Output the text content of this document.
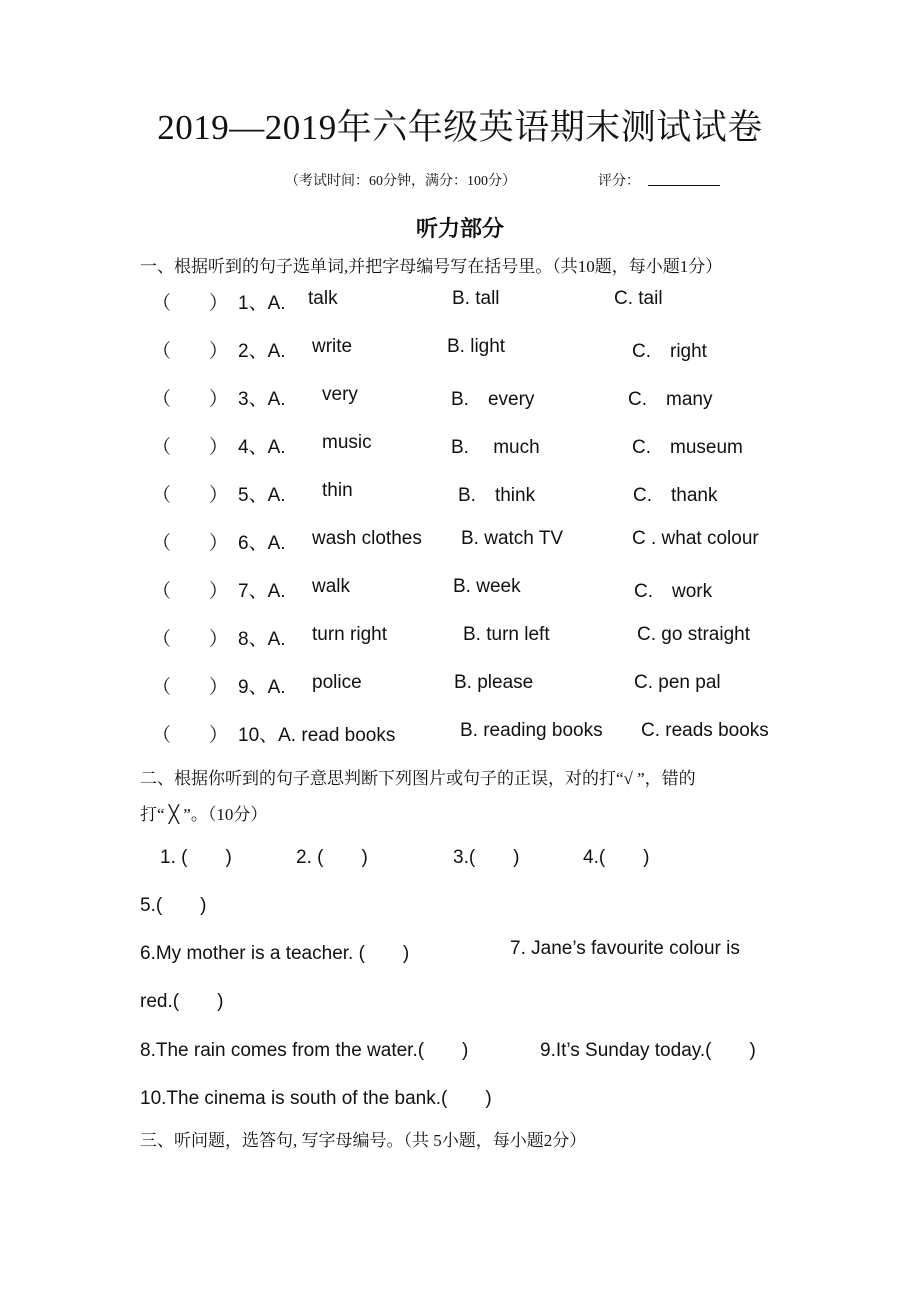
2019—2019年六年级英语期末测试试卷
（考试时间：60分钟，满分：100分）	评分：
听力部分
一、根据听到的句子选单词,并把字母编号写在括号里。（共10题，每小题1分）
（　　） 1、A. talk	B. tall	C. tail
（　　） 2、A. write	B. light	C.　right
（　　） 3、A. very	B.　every	C.　many
（　　） 4、A. music	B.　 much	C.　museum
（　　） 5、A. thin	B.　think	C.　thank
（　　） 6、A. wash clothes B. watch TV	C . what colour
（　　） 7、A. walk	B. week	C.　work
（　　） 8、A. turn right	B. turn left	C. go straight
（　　） 9、A. police	B. please	C. pen pal
（　　） 10、A. read books	B. reading books C. reads books
二、根据你听到的句子意思判断下列图片或句子的正误，对的打“√ ”，错的
打“ ╳ ”。（10分）
1. (　　)	2. (　　)	3.(　　)	4.(　　)
5.(　　)
6.My mother is a teacher. (　　)	7. Jane’s favourite colour is
red.(　　)
8.The rain comes from the water.(　　)	9.It’s Sunday today.(　　)
10.The cinema is south of the bank.(　　)
三、听问题，选答句, 写字母编号。（共 5小题，每小题2分）
